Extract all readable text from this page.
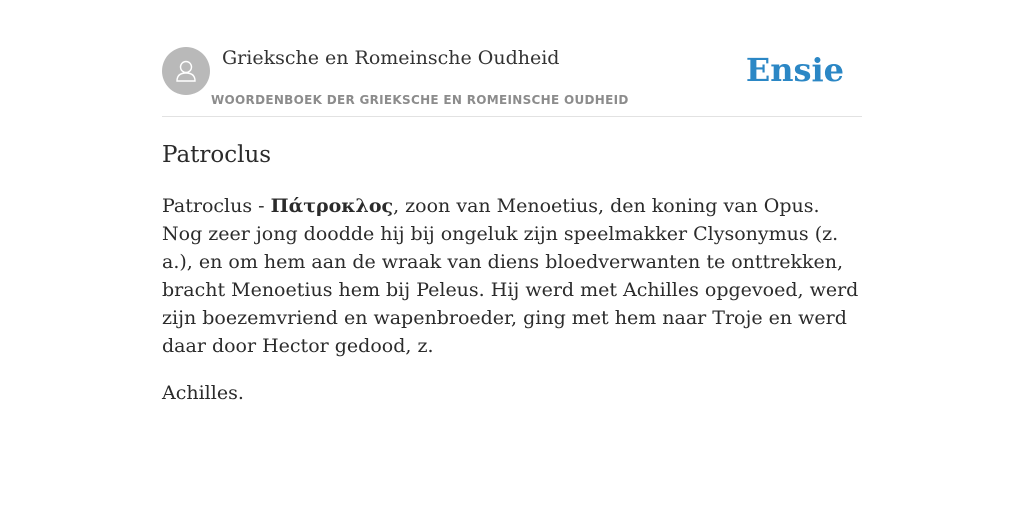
Grieksche en Romeinsche Oudheid
WOORDENBOEK DER GRIEKSCHE EN ROMEINSCHE OUDHEID
Ensie
Patroclus

Patroclus - Πάτροκλος, zoon van Menoetius, den koning van Opus. Nog zeer jong doodde hij bij ongeluk zijn speelmakker Clysonymus (z. a.), en om hem aan de wraak van diens bloedverwanten te onttrekken, bracht Menoetius hem bij Peleus. Hij werd met Achilles opgevoed, werd zijn boezemvriend en wapenbroeder, ging met hem naar Troje en werd daar door Hector gedood, z.

Achilles.
